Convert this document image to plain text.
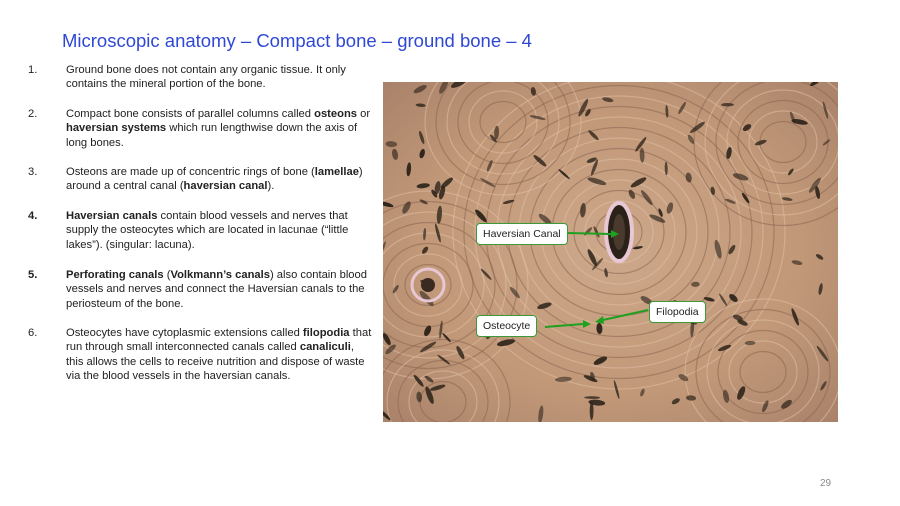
Microscopic anatomy – Compact bone – ground bone – 4
1.	Ground bone does not contain any organic tissue. It only contains the mineral portion of the bone.
2.	Compact bone consists of parallel columns called osteons or haversian systems which run lengthwise down the axis of long bones.
3.	Osteons are made up of concentric rings of bone (lamellae) around a central canal (haversian canal).
4.	Haversian canals contain blood vessels and nerves that supply the osteocytes which are located in lacunae (“little lakes”). (singular: lacuna).
5.	Perforating canals (Volkmann’s canals) also contain blood vessels and nerves and connect the Haversian canals to the periosteum of the bone.
6.	Osteocytes have cytoplasmic extensions called filopodia that run through small interconnected canals called canaliculi, this allows the cells to receive nutrition and dispose of waste via the blood vessels in the haversian canals.
Haversian Canal
Filopodia
Osteocyte
29
